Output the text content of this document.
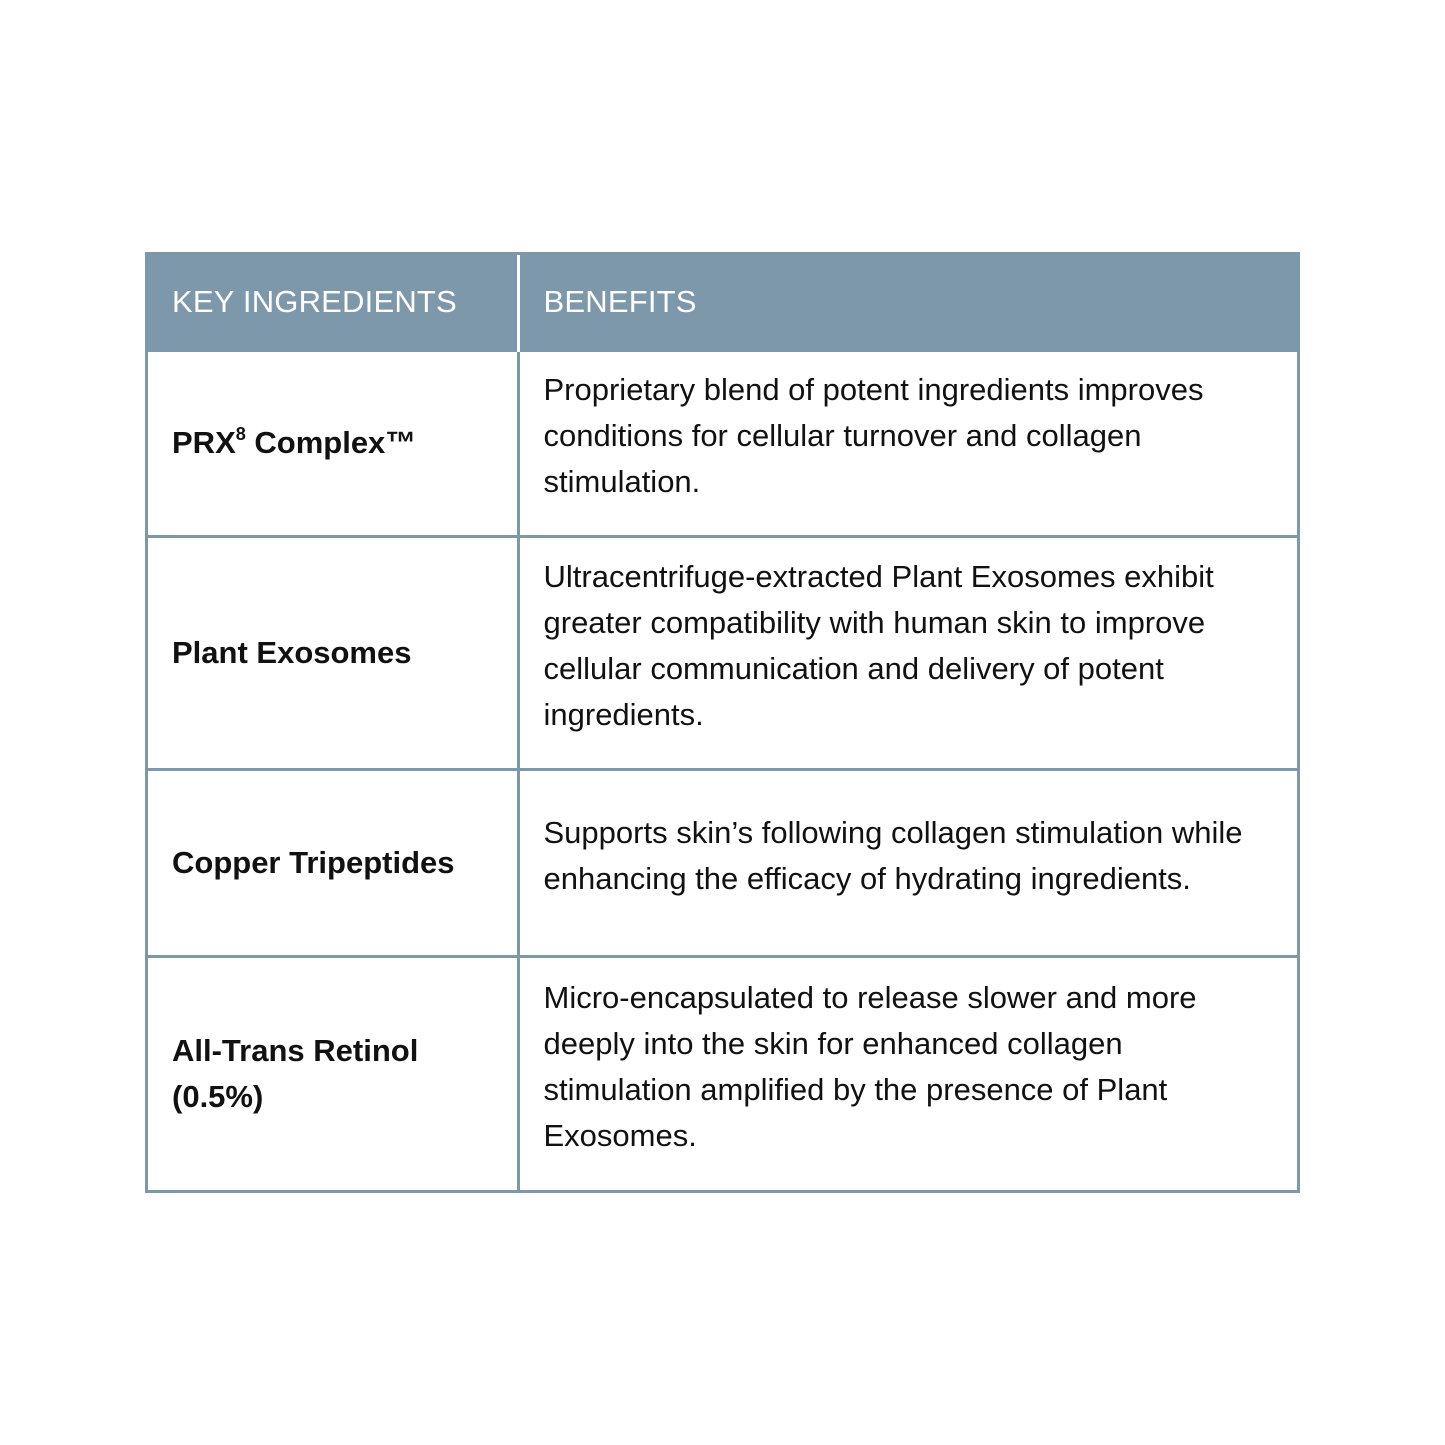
KEY INGREDIENTS	BENEFITS
PRX$^8$ Complex™	Proprietary blend of potent ingredients improves conditions for cellular turnover and collagen stimulation.
Plant Exosomes	Ultracentrifuge-extracted Plant Exosomes exhibit greater compatibility with human skin to improve cellular communication and delivery of potent ingredients.
Copper Tripeptides	Supports skin’s following collagen stimulation while enhancing the efficacy of hydrating ingredients.
All-Trans Retinol (0.5%)	Micro-encapsulated to release slower and more deeply into the skin for enhanced collagen stimulation amplified by the presence of Plant Exosomes.
